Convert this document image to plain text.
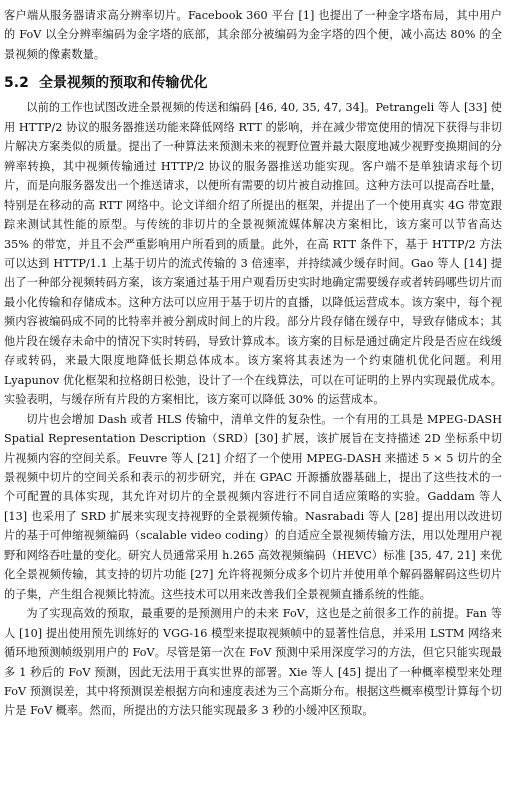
客户端从服务器请求高分辨率切片。Facebook 360 平台 [1] 也提出了一种金字塔布局，其中用户的 FoV 以全分辨率编码为金字塔的底部，其余部分被编码为金字塔的四个便，减小高达 80% 的全景视频的像素数量。

5.2 全景视频的预取和传输优化

以前的工作也试图改进全景视频的传送和编码 [46, 40, 35, 47, 34]。Petrangeli 等人 [33] 使用 HTTP/2 协议的服务器推送功能来降低网络 RTT 的影响，并在减少带宽使用的情况下获得与非切片解决方案类似的质量。提出了一种算法来预测未来的视野位置并最大限度地减少视野变换期间的分辨率转换，其中视频传输通过 HTTP/2 协议的服务器推送功能实现。客户端不是单独请求每个切片，而是向服务器发出一个推送请求，以便所有需要的切片被自动推回。这种方法可以提高吞吐量，特别是在移动的高 RTT 网络中。论文详细介绍了所提出的框架，并提出了一个使用真实 4G 带宽跟踪来测试其性能的原型。与传统的非切片的全景视频流媒体解决方案相比，该方案可以节省高达 35% 的带宽，并且不会严重影响用户所看到的质量。此外，在高 RTT 条件下，基于 HTTP/2 方法可以达到 HTTP/1.1 上基于切片的流式传输的 3 倍速率，并持续减少缓存时间。Gao 等人 [14] 提出了一种部分视频转码方案，该方案通过基于用户观看历史实时地确定需要缓存或者转码哪些切片而最小化传输和存储成本。这种方法可以应用于基于切片的直播，以降低运营成本。该方案中，每个视频内容被编码成不同的比特率并被分割成时间上的片段。部分片段存储在缓存中，导致存储成本；其他片段在缓存未命中的情况下实时转码，导致计算成本。该方案的目标是通过确定片段是否应在线缓存或转码，来最大限度地降低长期总体成本。该方案将其表述为一个约束随机优化问题。利用 Lyapunov 优化框架和拉格朗日松弛，设计了一个在线算法，可以在可证明的上界内实现最优成本。实验表明，与缓存所有片段的方案相比，该方案可以降低 30% 的运营成本。

切片也会增加 Dash 或者 HLS 传输中，清单文件的复杂性。一个有用的工具是 MPEG-DASH Spatial Representation Description（SRD）[30] 扩展，该扩展旨在支持描述 2D 坐标系中切片视频内容的空间关系。Feuvre 等人 [21] 介绍了一个使用 MPEG-DASH 来描述 5 × 5 切片的全景视频中切片的空间关系和表示的初步研究，并在 GPAC 开源播放器基础上，提出了这些技术的一个可配置的具体实现，其允许对切片的全景视频内容进行不同自适应策略的实验。Gaddam 等人 [13] 也采用了 SRD 扩展来实现支持视野的全景视频传输。Nasrabadi 等人 [28] 提出用以改进切片的基于可伸缩视频编码（scalable video coding）的自适应全景视频传输方法，用以处理用户视野和网络吞吐量的变化。研究人员通常采用 h.265 高效视频编码（HEVC）标准 [35, 47, 21] 来优化全景视频传输，其支持的切片功能 [27] 允许将视频分成多个切片并使用单个解码器解码这些切片的子集，产生组合视频比特流。这些技术可以用来改善我们全景视频直播系统的性能。

为了实现高效的预取，最重要的是预测用户的未来 FoV，这也是之前很多工作的前提。Fan 等人 [10] 提出使用预先训练好的 VGG-16 模型来提取视频帧中的显著性信息，并采用 LSTM 网络来循环地预测帧级别用户的 FoV。尽管是第一次在 FoV 预测中采用深度学习的方法，但它只能实现最多 1 秒后的 FoV 预测，因此无法用于真实世界的部署。Xie 等人 [45] 提出了一种概率模型来处理 FoV 预测误差，其中将预测误差根据方向和速度表述为三个高斯分布。根据这些概率模型计算每个切片是 FoV 概率。然而，所提出的方法只能实现最多 3 秒的小缓冲区预取。
